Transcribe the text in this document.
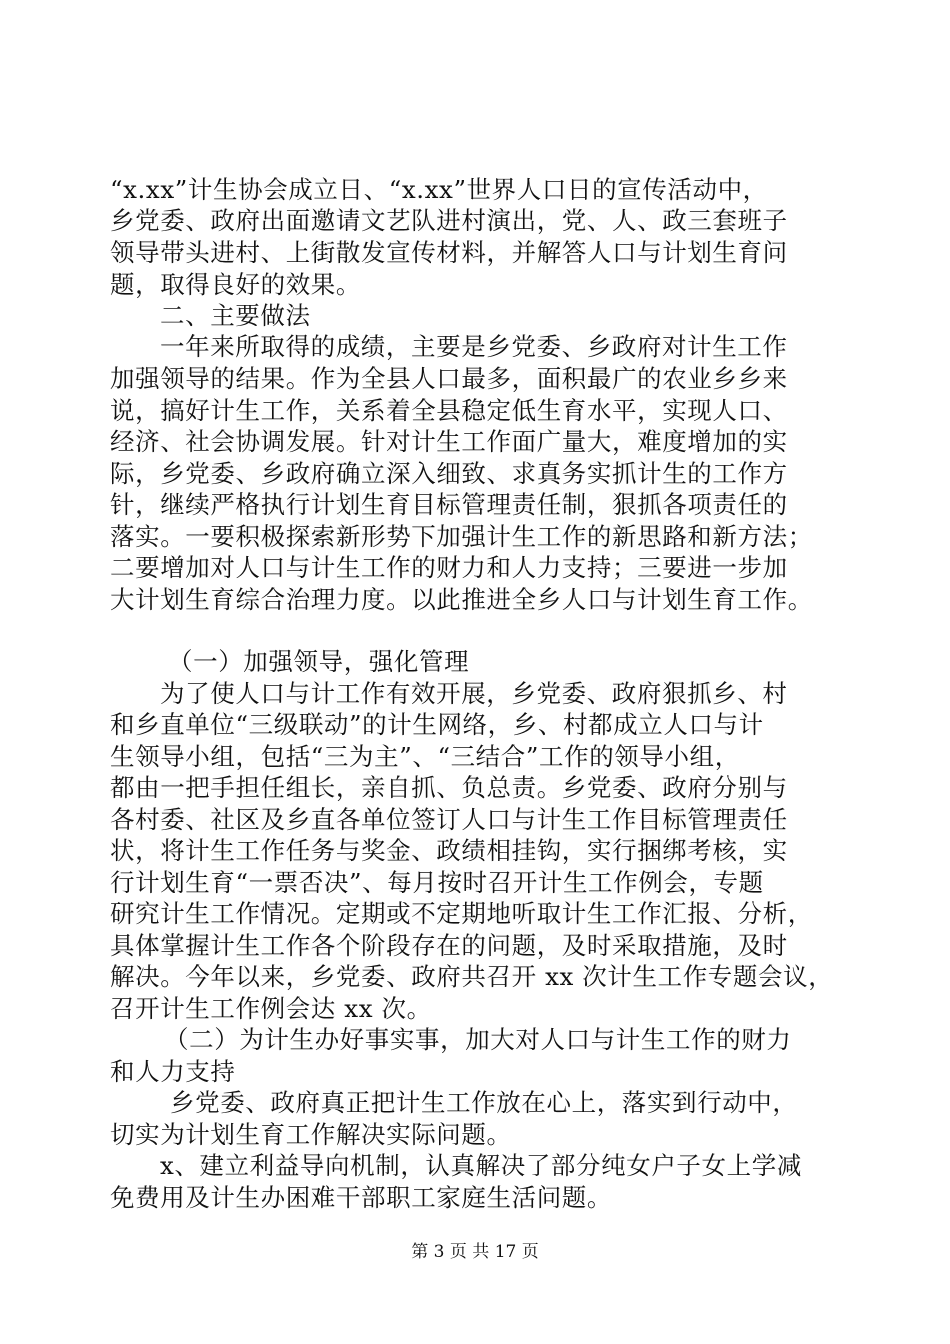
“x.xx”计生协会成立日、“x.xx”世界人口日的宣传活动中，
乡党委、政府出面邀请文艺队进村演出，党、人、政三套班子
领导带头进村、上街散发宣传材料，并解答人口与计划生育问
题，取得良好的效果。
二、主要做法
一年来所取得的成绩，主要是乡党委、乡政府对计生工作
加强领导的结果。作为全县人口最多，面积最广的农业乡乡来
说，搞好计生工作，关系着全县稳定低生育水平，实现人口、
经济、社会协调发展。针对计生工作面广量大，难度增加的实
际，乡党委、乡政府确立深入细致、求真务实抓计生的工作方
针，继续严格执行计划生育目标管理责任制，狠抓各项责任的
落实。一要积极探索新形势下加强计生工作的新思路和新方法；
二要增加对人口与计生工作的财力和人力支持；三要进一步加
大计划生育综合治理力度。以此推进全乡人口与计划生育工作。
（一）加强领导，强化管理
为了使人口与计工作有效开展，乡党委、政府狠抓乡、村
和乡直单位“三级联动”的计生网络，乡、村都成立人口与计
生领导小组，包括“三为主”、“三结合”工作的领导小组，
都由一把手担任组长，亲自抓、负总责。乡党委、政府分别与
各村委、社区及乡直各单位签订人口与计生工作目标管理责任
状，将计生工作任务与奖金、政绩相挂钩，实行捆绑考核，实
行计划生育“一票否决”、每月按时召开计生工作例会，专题
研究计生工作情况。定期或不定期地听取计生工作汇报、分析，
具体掌握计生工作各个阶段存在的问题，及时采取措施，及时
解决。今年以来，乡党委、政府共召开 xx 次计生工作专题会议，
召开计生工作例会达 xx 次。
（二）为计生办好事实事，加大对人口与计生工作的财力
和人力支持
乡党委、政府真正把计生工作放在心上，落实到行动中，
切实为计划生育工作解决实际问题。
x、建立利益导向机制，认真解决了部分纯女户子女上学减
免费用及计生办困难干部职工家庭生活问题。
第 3 页 共 17 页
